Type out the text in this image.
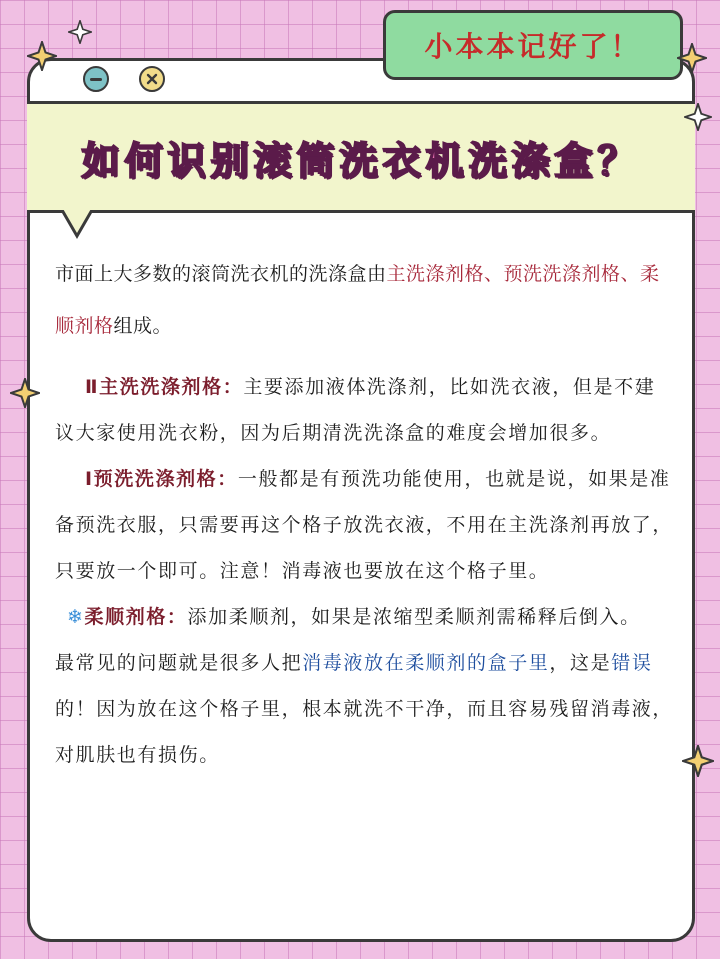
小本本记好了！
如何识别滚筒洗衣机洗涤盒？

市面上大多数的滚筒洗衣机的洗涤盒由主洗涤剂格、预洗洗涤剂格、柔顺剂格组成。

Ⅱ主洗洗涤剂格：主要添加液体洗涤剂，比如洗衣液，但是不建议大家使用洗衣粉，因为后期清洗洗涤盒的难度会增加很多。

Ⅰ预洗洗涤剂格：一般都是有预洗功能使用，也就是说，如果是准备预洗衣服，只需要再这个格子放洗衣液，不用在主洗涤剂再放了，只要放一个即可。注意！消毒液也要放在这个格子里。

❄柔顺剂格：添加柔顺剂，如果是浓缩型柔顺剂需稀释后倒入。

最常见的问题就是很多人把消毒液放在柔顺剂的盒子里，这是错误的！因为放在这个格子里，根本就洗不干净，而且容易残留消毒液，对肌肤也有损伤。
